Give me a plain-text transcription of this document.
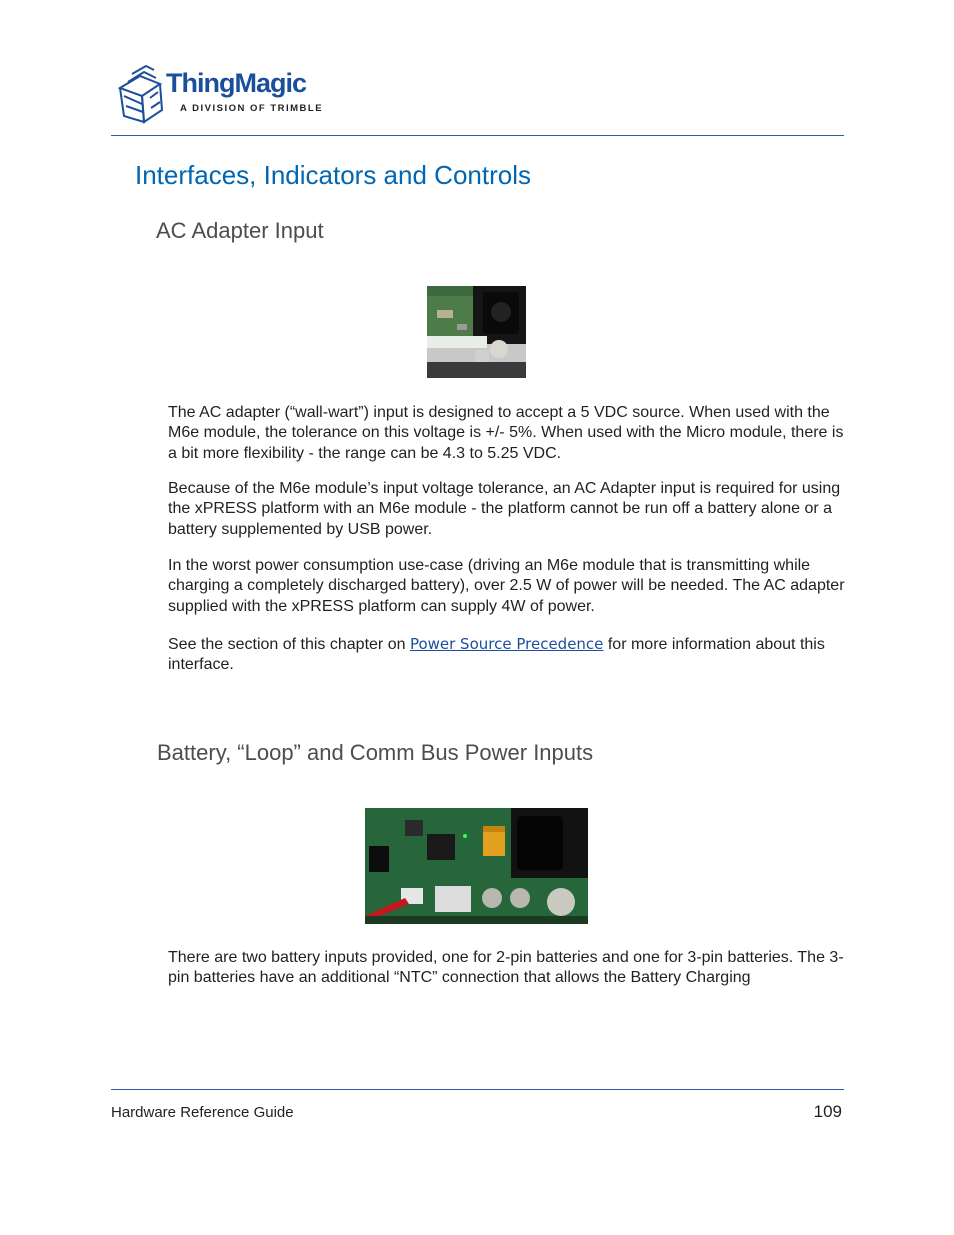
ThingMagic
A DIVISION OF TRIMBLE
Interfaces, Indicators and Controls
AC Adapter Input

The AC adapter (“wall-wart”) input is designed to accept a 5 VDC source. When used with the M6e module, the tolerance on this voltage is +/- 5%. When used with the Micro module, there is a bit more flexibility - the range can be 4.3 to 5.25 VDC.

Because of the M6e module’s input voltage tolerance, an AC Adapter input is required for using the xPRESS platform with an M6e module - the platform cannot be run off a battery alone or a battery supplemented by USB power.

In the worst power consumption use-case (driving an M6e module that is transmitting while charging a completely discharged battery), over 2.5 W of power will be needed. The AC adapter supplied with the xPRESS platform can supply 4W of power.

See the section of this chapter on Power Source Precedence for more information about this interface.

Battery, “Loop” and Comm Bus Power Inputs

There are two battery inputs provided, one for 2-pin batteries and one for 3-pin batteries. The 3-pin batteries have an additional “NTC” connection that allows the Battery Charging

Hardware Reference Guide	109
